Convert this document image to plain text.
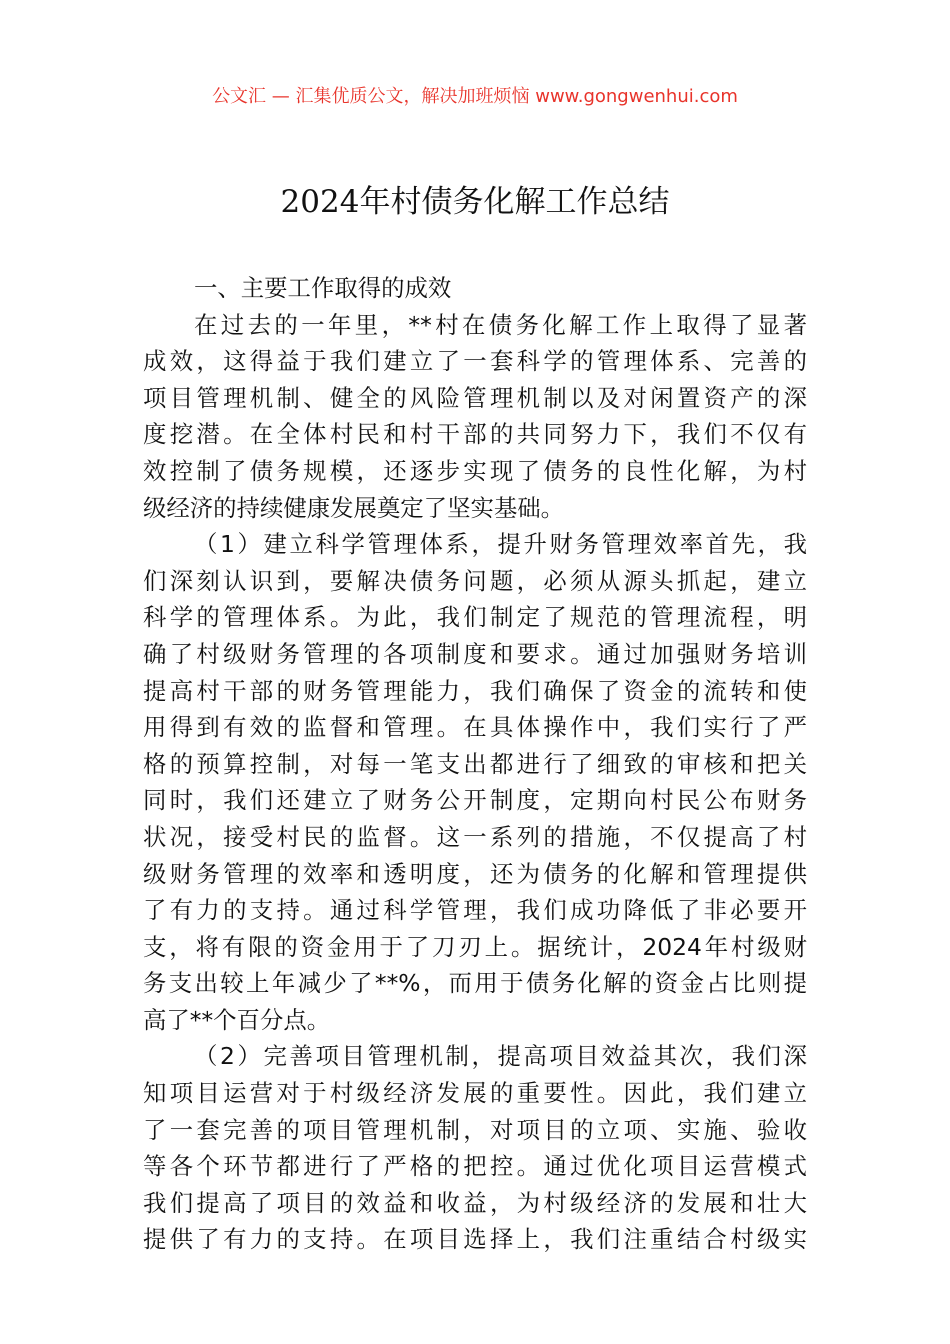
公文汇 — 汇集优质公文，解决加班烦恼 www.gongwenhui.com
2024年村债务化解工作总结
一、主要工作取得的成效
在过去的一年里，**村在债务化解工作上取得了显著
成效，这得益于我们建立了一套科学的管理体系、完善的
项目管理机制、健全的风险管理机制以及对闲置资产的深
度挖潜。在全体村民和村干部的共同努力下，我们不仅有
效控制了债务规模，还逐步实现了债务的良性化解，为村
级经济的持续健康发展奠定了坚实基础。
（1）建立科学管理体系，提升财务管理效率首先，我
们深刻认识到，要解决债务问题，必须从源头抓起，建立
科学的管理体系。为此，我们制定了规范的管理流程，明
确了村级财务管理的各项制度和要求。通过加强财务培训
提高村干部的财务管理能力，我们确保了资金的流转和使
用得到有效的监督和管理。在具体操作中，我们实行了严
格的预算控制，对每一笔支出都进行了细致的审核和把关
同时，我们还建立了财务公开制度，定期向村民公布财务
状况，接受村民的监督。这一系列的措施，不仅提高了村
级财务管理的效率和透明度，还为债务的化解和管理提供
了有力的支持。通过科学管理，我们成功降低了非必要开
支，将有限的资金用于了刀刃上。据统计，2024年村级财
务支出较上年减少了**%，而用于债务化解的资金占比则提
高了**个百分点。
（2）完善项目管理机制，提高项目效益其次，我们深
知项目运营对于村级经济发展的重要性。因此，我们建立
了一套完善的项目管理机制，对项目的立项、实施、验收
等各个环节都进行了严格的把控。通过优化项目运营模式
我们提高了项目的效益和收益，为村级经济的发展和壮大
提供了有力的支持。在项目选择上，我们注重结合村级实
